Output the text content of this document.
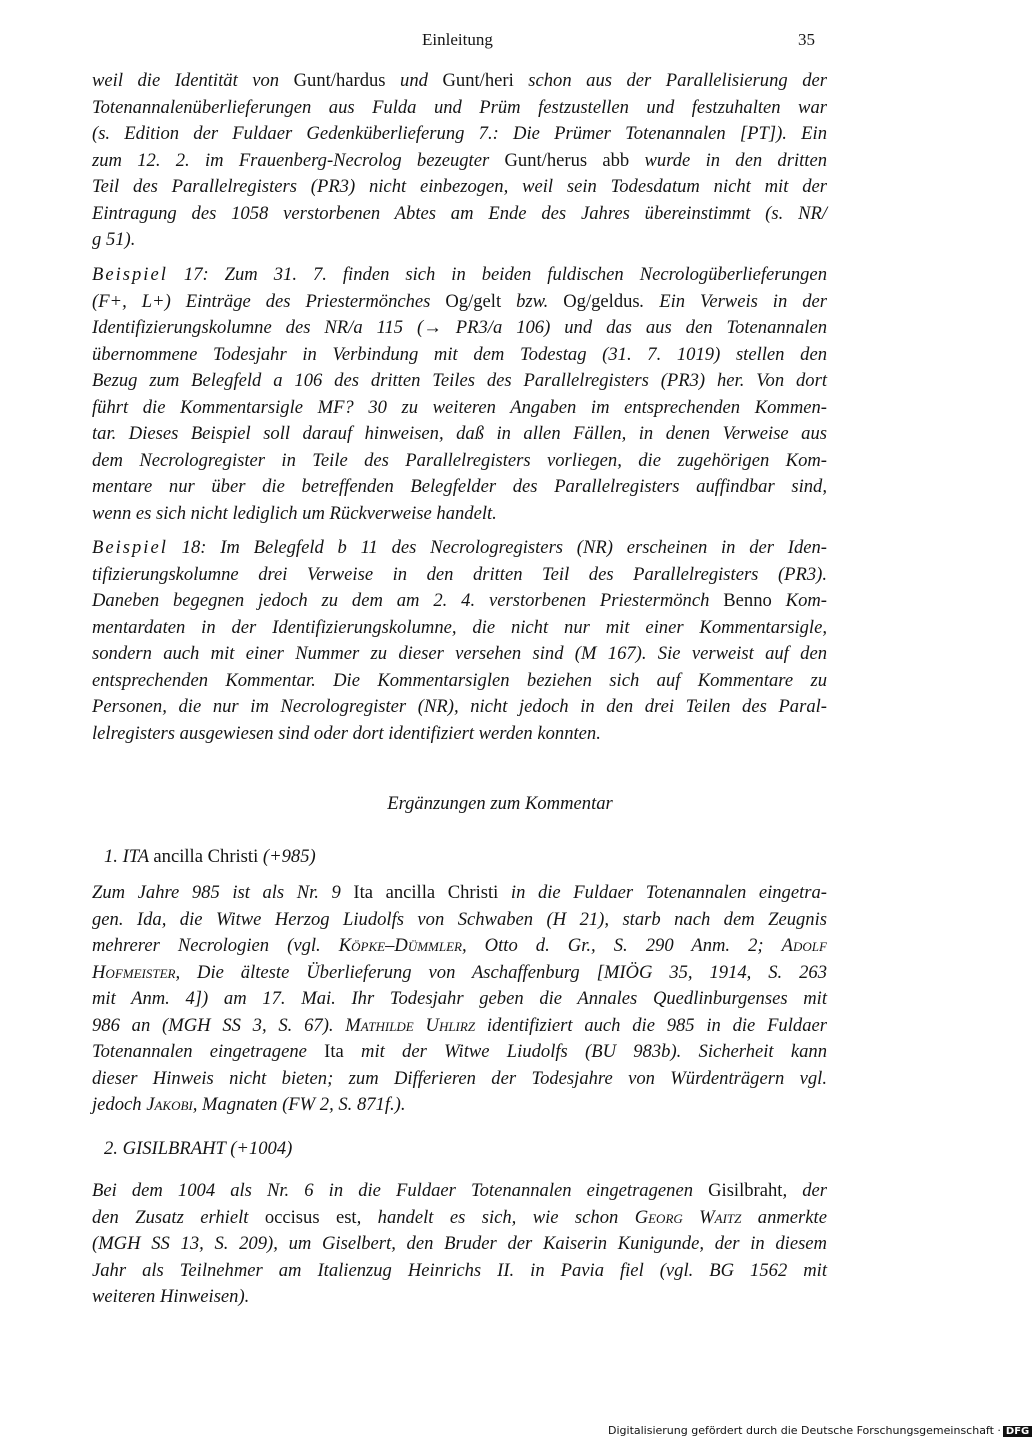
Einleitung	35
weil die Identität von Gunt/hardus und Gunt/heri schon aus der Parallelisierung der
Totenannalenüberlieferungen aus Fulda und Prüm festzustellen und festzuhalten war
(s. Edition der Fuldaer Gedenküberlieferung 7.: Die Prümer Totenannalen [PT]). Ein
zum 12. 2. im Frauenberg-Necrolog bezeugter Gunt/herus abb wurde in den dritten
Teil des Parallelregisters (PR3) nicht einbezogen, weil sein Todesdatum nicht mit der
Eintragung des 1058 verstorbenen Abtes am Ende des Jahres übereinstimmt (s. NR/
g 51).
Beispiel 17: Zum 31. 7. finden sich in beiden fuldischen Necrologüberlieferungen
(F+, L+) Einträge des Priestermönches Og/gelt bzw. Og/geldus. Ein Verweis in der
Identifizierungskolumne des NR/a 115 (→ PR3/a 106) und das aus den Totenannalen
übernommene Todesjahr in Verbindung mit dem Todestag (31. 7. 1019) stellen den
Bezug zum Belegfeld a 106 des dritten Teiles des Parallelregisters (PR3) her. Von dort
führt die Kommentarsigle MF? 30 zu weiteren Angaben im entsprechenden Kommen-
tar. Dieses Beispiel soll darauf hinweisen, daß in allen Fällen, in denen Verweise aus
dem Necrologregister in Teile des Parallelregisters vorliegen, die zugehörigen Kom-
mentare nur über die betreffenden Belegfelder des Parallelregisters auffindbar sind,
wenn es sich nicht lediglich um Rückverweise handelt.
Beispiel 18: Im Belegfeld b 11 des Necrologregisters (NR) erscheinen in der Iden-
tifizierungskolumne drei Verweise in den dritten Teil des Parallelregisters (PR3).
Daneben begegnen jedoch zu dem am 2. 4. verstorbenen Priestermönch Benno Kom-
mentardaten in der Identifizierungskolumne, die nicht nur mit einer Kommentarsigle,
sondern auch mit einer Nummer zu dieser versehen sind (M 167). Sie verweist auf den
entsprechenden Kommentar. Die Kommentarsiglen beziehen sich auf Kommentare zu
Personen, die nur im Necrologregister (NR), nicht jedoch in den drei Teilen des Paral-
lelregisters ausgewiesen sind oder dort identifiziert werden konnten.
Ergänzungen zum Kommentar
1. ITA ancilla Christi (+985)
Zum Jahre 985 ist als Nr. 9 Ita ancilla Christi in die Fuldaer Totenannalen eingetra-
gen. Ida, die Witwe Herzog Liudolfs von Schwaben (H 21), starb nach dem Zeugnis
mehrerer Necrologien (vgl. Köpke–Dümmler, Otto d. Gr., S. 290 Anm. 2; Adolf
Hofmeister, Die älteste Überlieferung von Aschaffenburg [MIÖG 35, 1914, S. 263
mit Anm. 4]) am 17. Mai. Ihr Todesjahr geben die Annales Quedlinburgenses mit
986 an (MGH SS 3, S. 67). Mathilde Uhlirz identifiziert auch die 985 in die Fuldaer
Totenannalen eingetragene Ita mit der Witwe Liudolfs (BU 983b). Sicherheit kann
dieser Hinweis nicht bieten; zum Differieren der Todesjahre von Würdenträgern vgl.
jedoch Jakobi, Magnaten (FW 2, S. 871f.).
2. GISILBRAHT (+1004)
Bei dem 1004 als Nr. 6 in die Fuldaer Totenannalen eingetragenen Gisilbraht, der
den Zusatz erhielt occisus est, handelt es sich, wie schon Georg Waitz anmerkte
(MGH SS 13, S. 209), um Giselbert, den Bruder der Kaiserin Kunigunde, der in diesem
Jahr als Teilnehmer am Italienzug Heinrichs II. in Pavia fiel (vgl. BG 1562 mit
weiteren Hinweisen).
Digitalisierung gefördert durch die Deutsche Forschungsgemeinschaft · DFG
